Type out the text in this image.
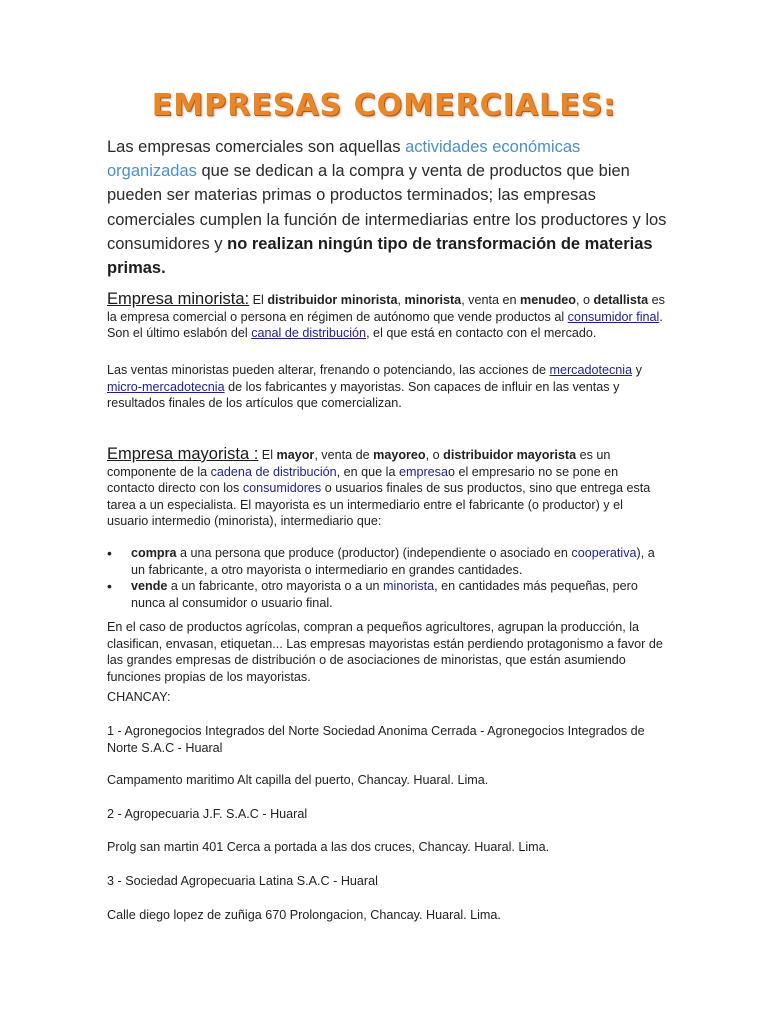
EMPRESAS COMERCIALES:

Las empresas comerciales son aquellas actividades económicas organizadas que se dedican a la compra y venta de productos que bien pueden ser materias primas o productos terminados; las empresas comerciales cumplen la función de intermediarias entre los productores y los consumidores y no realizan ningún tipo de transformación de materias primas.

Empresa minorista: El distribuidor minorista, minorista, venta en menudeo, o detallista es la empresa comercial o persona en régimen de autónomo que vende productos al consumidor final. Son el último eslabón del canal de distribución, el que está en contacto con el mercado.

Las ventas minoristas pueden alterar, frenando o potenciando, las acciones de mercadotecnia y micro-mercadotecnia de los fabricantes y mayoristas. Son capaces de influir en las ventas y resultados finales de los artículos que comercializan.

Empresa mayorista : El mayor, venta de mayoreo, o distribuidor mayorista es un componente de la cadena de distribución, en que la empresao el empresario no se pone en contacto directo con los consumidores o usuarios finales de sus productos, sino que entrega esta tarea a un especialista. El mayorista es un intermediario entre el fabricante (o productor) y el usuario intermedio (minorista), intermediario que:

• compra a una persona que produce (productor) (independiente o asociado en cooperativa), a un fabricante, a otro mayorista o intermediario en grandes cantidades.
• vende a un fabricante, otro mayorista o a un minorista, en cantidades más pequeñas, pero nunca al consumidor o usuario final.

En el caso de productos agrícolas, compran a pequeños agricultores, agrupan la producción, la clasifican, envasan, etiquetan... Las empresas mayoristas están perdiendo protagonismo a favor de las grandes empresas de distribución o de asociaciones de minoristas, que están asumiendo funciones propias de los mayoristas.

CHANCAY:

1 - Agronegocios Integrados del Norte Sociedad Anonima Cerrada - Agronegocios Integrados de Norte S.A.C - Huaral

Campamento maritimo Alt capilla del puerto, Chancay. Huaral. Lima.

2 - Agropecuaria J.F. S.A.C - Huaral

Prolg san martin 401 Cerca a portada a las dos cruces, Chancay. Huaral. Lima.

3 - Sociedad Agropecuaria Latina S.A.C - Huaral

Calle diego lopez de zuñiga 670 Prolongacion, Chancay. Huaral. Lima.
